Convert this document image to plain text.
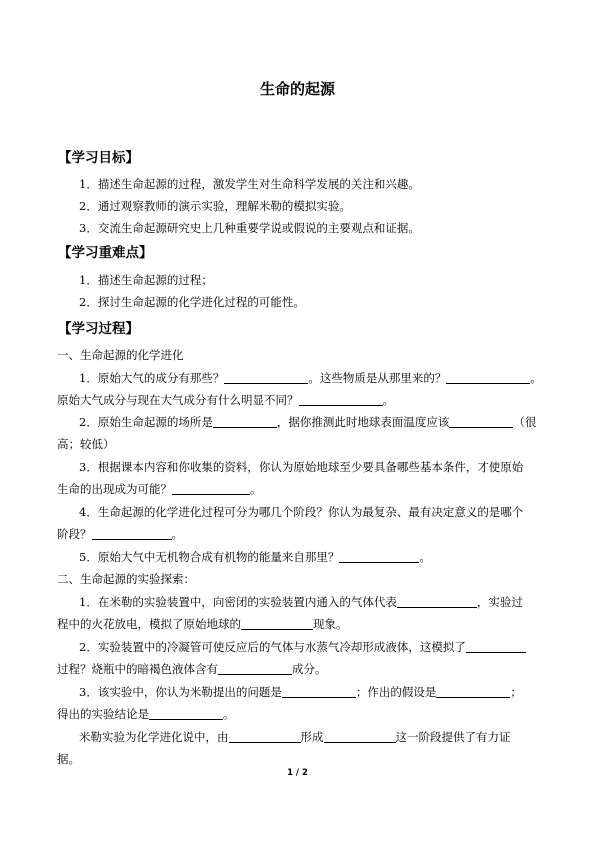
生命的起源
【学习目标】
1．描述生命起源的过程，激发学生对生命科学发展的关注和兴趣。
2．通过观察教师的演示实验，理解米勒的模拟实验。
3．交流生命起源研究史上几种重要学说或假说的主要观点和证据。
【学习重难点】
1．描述生命起源的过程；
2．探讨生命起源的化学进化过程的可能性。
【学习过程】
一、生命起源的化学进化
1．原始大气的成分有那些？	。这些物质是从那里来的？	。
原始大气成分与现在大气成分有什么明显不同？	。
2．原始生命起源的场所是	，据你推测此时地球表面温度应该	（很
高；较低）
3．根据课本内容和你收集的资料，你认为原始地球至少要具备哪些基本条件，才使原始
生命的出现成为可能？	。
4．生命起源的化学进化过程可分为哪几个阶段？你认为最复杂、最有决定意义的是哪个
阶段？	。
5．原始大气中无机物合成有机物的能量来自那里？	。
二、生命起源的实验探索：
1．在米勒的实验装置中，向密闭的实验装置内通入的气体代表	，实验过
程中的火花放电，模拟了原始地球的	现象。
2．实验装置中的冷凝管可使反应后的气体与水蒸气冷却形成液体，这模拟了
过程？烧瓶中的暗褐色液体含有	成分。
3．该实验中，你认为米勒提出的问题是	；作出的假设是	；
得出的实验结论是	。
米勒实验为化学进化说中，由	形成	这一阶段提供了有力证
据。
1 / 2
